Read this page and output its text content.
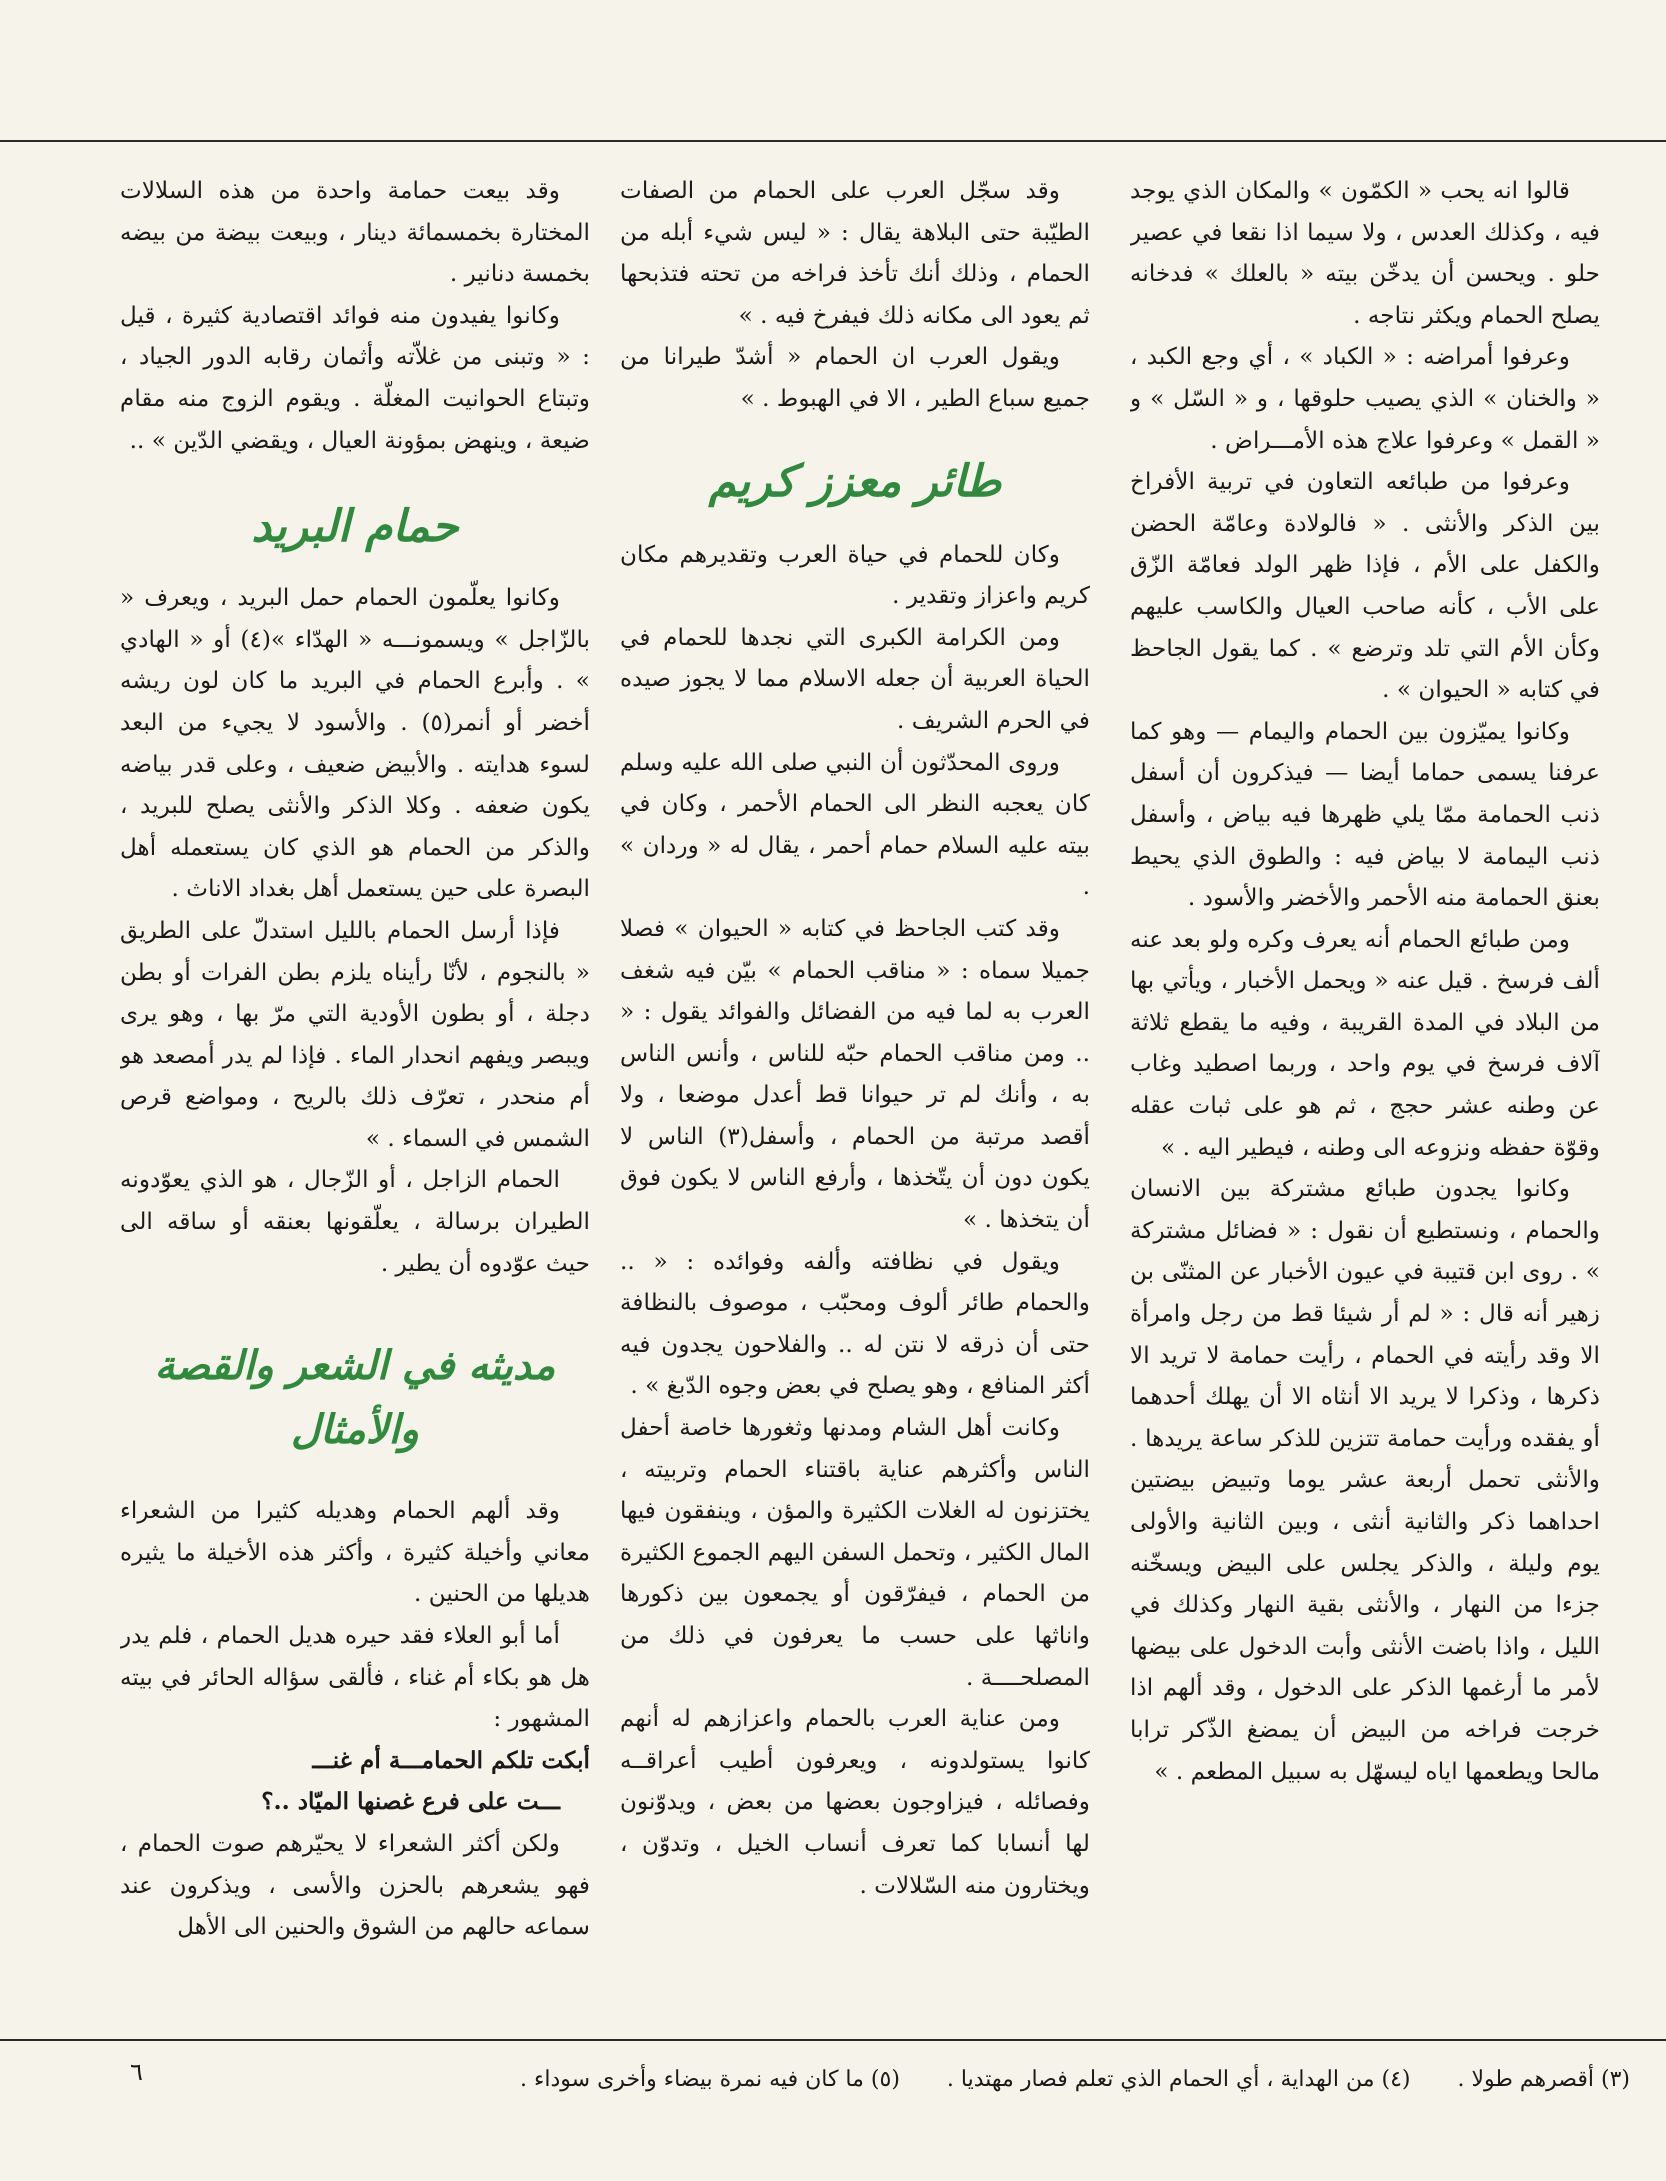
قالوا انه يحب « الكمّون » والمكان الذي يوجد فيه ، وكذلك العدس ، ولا سيما اذا نقعا في عصير حلو . ويحسن أن يدخّن بيته « بالعلك » فدخانه يصلح الحمام ويكثر نتاجه .

وعرفوا أمراضه : « الكباد » ، أي وجع الكبد ، « والخنان » الذي يصيب حلوقها ، و « السّل » و « القمل » وعرفوا علاج هذه الأمـــراض .

وعرفوا من طبائعه التعاون في تربية الأفراخ بين الذكر والأنثى . « فالولادة وعامّة الحضن والكفل على الأم ، فإذا ظهر الولد فعامّة الزّق على الأب ، كأنه صاحب العيال والكاسب عليهم وكأن الأم التي تلد وترضع » . كما يقول الجاحظ في كتابه « الحيوان » .

وكانوا يميّزون بين الحمام واليمام — وهو كما عرفنا يسمى حماما أيضا — فيذكرون أن أسفل ذنب الحمامة ممّا يلي ظهرها فيه بياض ، وأسفل ذنب اليمامة لا بياض فيه : والطوق الذي يحيط بعنق الحمامة منه الأحمر والأخضر والأسود .

ومن طبائع الحمام أنه يعرف وكره ولو بعد عنه ألف فرسخ . قيل عنه « ويحمل الأخبار ، ويأتي بها من البلاد في المدة القريبة ، وفيه ما يقطع ثلاثة آلاف فرسخ في يوم واحد ، وربما اصطيد وغاب عن وطنه عشر حجج ، ثم هو على ثبات عقله وقوّة حفظه ونزوعه الى وطنه ، فيطير اليه . »

وكانوا يجدون طبائع مشتركة بين الانسان والحمام ، ونستطيع أن نقول : « فضائل مشتركة » . روى ابن قتيبة في عيون الأخبار عن المثنّى بن زهير أنه قال : « لم أر شيئا قط من رجل وامرأة الا وقد رأيته في الحمام ، رأيت حمامة لا تريد الا ذكرها ، وذكرا لا يريد الا أنثاه الا أن يهلك أحدهما أو يفقده ورأيت حمامة تتزين للذكر ساعة يريدها . والأنثى تحمل أربعة عشر يوما وتبيض بيضتين احداهما ذكر والثانية أنثى ، وبين الثانية والأولى يوم وليلة ، والذكر يجلس على البيض ويسخّنه جزءا من النهار ، والأنثى بقية النهار وكذلك في الليل ، واذا باضت الأنثى وأبت الدخول على بيضها لأمر ما أرغمها الذكر على الدخول ، وقد ألهم اذا خرجت فراخه من البيض أن يمضغ الذّكر ترابا مالحا ويطعمها اياه ليسهّل به سبيل المطعم . »

وقد سجّل العرب على الحمام من الصفات الطيّبة حتى البلاهة يقال : « ليس شيء أبله من الحمام ، وذلك أنك تأخذ فراخه من تحته فتذبحها ثم يعود الى مكانه ذلك فيفرخ فيه . »

ويقول العرب ان الحمام « أشدّ طيرانا من جميع سباع الطير ، الا في الهبوط . »

طائر معزز كريم

وكان للحمام في حياة العرب وتقديرهم مكان كريم واعزاز وتقدير .

ومن الكرامة الكبرى التي نجدها للحمام في الحياة العربية أن جعله الاسلام مما لا يجوز صيده في الحرم الشريف .

وروى المحدّثون أن النبي صلى الله عليه وسلم كان يعجبه النظر الى الحمام الأحمر ، وكان في بيته عليه السلام حمام أحمر ، يقال له « وردان » .

وقد كتب الجاحظ في كتابه « الحيوان » فصلا جميلا سماه : « مناقب الحمام » بيّن فيه شغف العرب به لما فيه من الفضائل والفوائد يقول : « .. ومن مناقب الحمام حبّه للناس ، وأنس الناس به ، وأنك لم تر حيوانا قط أعدل موضعا ، ولا أقصد مرتبة من الحمام ، وأسفل(٣) الناس لا يكون دون أن يتّخذها ، وأرفع الناس لا يكون فوق أن يتخذها . »

ويقول في نظافته وألفه وفوائده : « .. والحمام طائر ألوف ومحبّب ، موصوف بالنظافة حتى أن ذرقه لا نتن له .. والفلاحون يجدون فيه أكثر المنافع ، وهو يصلح في بعض وجوه الدّبغ » .

وكانت أهل الشام ومدنها وثغورها خاصة أحفل الناس وأكثرهم عناية باقتناء الحمام وتربيته ، يختزنون له الغلات الكثيرة والمؤن ، وينفقون فيها المال الكثير ، وتحمل السفن اليهم الجموع الكثيرة من الحمام ، فيفرّقون أو يجمعون بين ذكورها واناثها على حسب ما يعرفون في ذلك من المصلحــــة .

ومن عناية العرب بالحمام واعزازهم له أنهم كانوا يستولدونه ، ويعرفون أطيب أعراقــه وفصائله ، فيزاوجون بعضها من بعض ، ويدوّنون لها أنسابا كما تعرف أنساب الخيل ، وتدوّن ، ويختارون منه السّلالات .

وقد بيعت حمامة واحدة من هذه السلالات المختارة بخمسمائة دينار ، وبيعت بيضة من بيضه بخمسة دنانير .

وكانوا يفيدون منه فوائد اقتصادية كثيرة ، قيل : « وتبنى من غلاّته وأثمان رقابه الدور الجياد ، وتبتاع الحوانيت المغلّة . ويقوم الزوج منه مقام ضيعة ، وينهض بمؤونة العيال ، ويقضي الدّين » ..

حمام البريد

وكانوا يعلّمون الحمام حمل البريد ، ويعرف « بالزّاجل » ويسمونـــه « الهدّاء »(٤) أو « الهادي » . وأبرع الحمام في البريد ما كان لون ريشه أخضر أو أنمر(٥) . والأسود لا يجيء من البعد لسوء هدايته . والأبيض ضعيف ، وعلى قدر بياضه يكون ضعفه . وكلا الذكر والأنثى يصلح للبريد ، والذكر من الحمام هو الذي كان يستعمله أهل البصرة على حين يستعمل أهل بغداد الاناث .

فإذا أرسل الحمام بالليل استدلّ على الطريق « بالنجوم ، لأنّا رأيناه يلزم بطن الفرات أو بطن دجلة ، أو بطون الأودية التي مرّ بها ، وهو يرى ويبصر ويفهم انحدار الماء . فإذا لم يدر أمصعد هو أم منحدر ، تعرّف ذلك بالريح ، ومواضع قرص الشمس في السماء . »

الحمام الزاجل ، أو الزّجال ، هو الذي يعوّدونه الطيران برسالة ، يعلّقونها بعنقه أو ساقه الى حيث عوّدوه أن يطير .

مديثه في الشعر والقصة والأمثال

وقد ألهم الحمام وهديله كثيرا من الشعراء معاني وأخيلة كثيرة ، وأكثر هذه الأخيلة ما يثيره هديلها من الحنين .

أما أبو العلاء فقد حيره هديل الحمام ، فلم يدر هل هو بكاء أم غناء ، فألقى سؤاله الحائر في بيته المشهور :

أبكت تلكم الحمامـــة أم غنـــ

ـــت على فرع غصنها الميّاد ..؟

ولكن أكثر الشعراء لا يحيّرهم صوت الحمام ، فهو يشعرهم بالحزن والأسى ، ويذكرون عند سماعه حالهم من الشوق والحنين الى الأهل

(٣) أقصرهم طولا . (٤) من الهداية ، أي الحمام الذي تعلم فصار مهتديا . (٥) ما كان فيه نمرة بيضاء وأخرى سوداء .
٦
